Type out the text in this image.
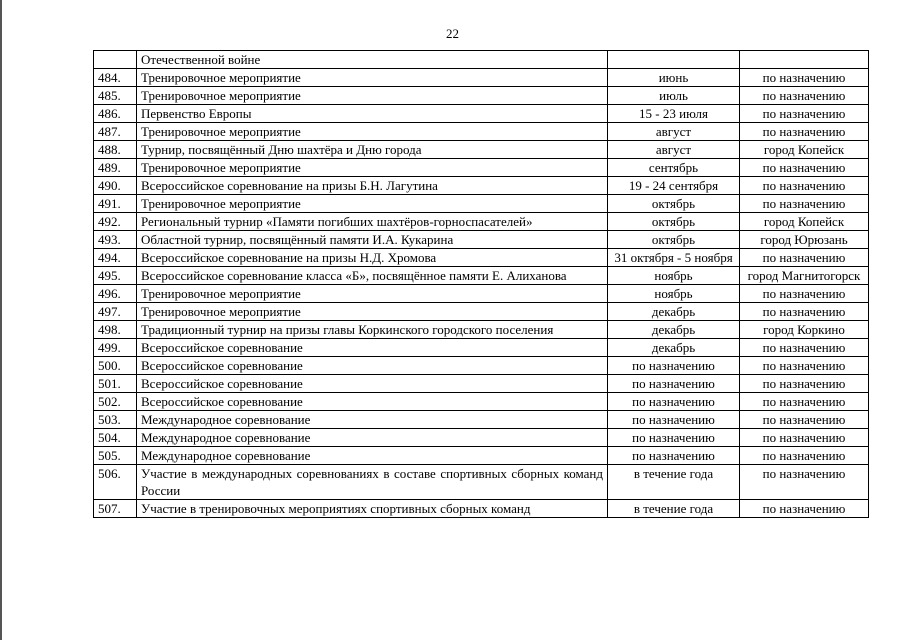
22
	Отечественной войне		
484.	Тренировочное мероприятие	июнь	по назначению
485.	Тренировочное мероприятие	июль	по назначению
486.	Первенство Европы	15 - 23 июля	по назначению
487.	Тренировочное мероприятие	август	по назначению
488.	Турнир, посвящённый Дню шахтёра и Дню города	август	город Копейск
489.	Тренировочное мероприятие	сентябрь	по назначению
490.	Всероссийское соревнование на призы Б.Н. Лагутина	19 - 24 сентября	по назначению
491.	Тренировочное мероприятие	октябрь	по назначению
492.	Региональный турнир «Памяти погибших шахтёров-горноспасателей»	октябрь	город Копейск
493.	Областной турнир, посвящённый памяти И.А. Кукарина	октябрь	город Юрюзань
494.	Всероссийское соревнование на призы Н.Д. Хромова	31 октября - 5 ноября	по назначению
495.	Всероссийское соревнование класса «Б», посвящённое памяти Е. Алиханова	ноябрь	город Магнитогорск
496.	Тренировочное мероприятие	ноябрь	по назначению
497.	Тренировочное мероприятие	декабрь	по назначению
498.	Традиционный турнир на призы главы Коркинского городского поселения	декабрь	город Коркино
499.	Всероссийское соревнование	декабрь	по назначению
500.	Всероссийское соревнование	по назначению	по назначению
501.	Всероссийское соревнование	по назначению	по назначению
502.	Всероссийское соревнование	по назначению	по назначению
503.	Международное соревнование	по назначению	по назначению
504.	Международное соревнование	по назначению	по назначению
505.	Международное соревнование	по назначению	по назначению
506.	Участие в международных соревнованиях в составе спортивных сборных команд России	в течение года	по назначению
507.	Участие в тренировочных мероприятиях спортивных сборных команд	в течение года	по назначению
